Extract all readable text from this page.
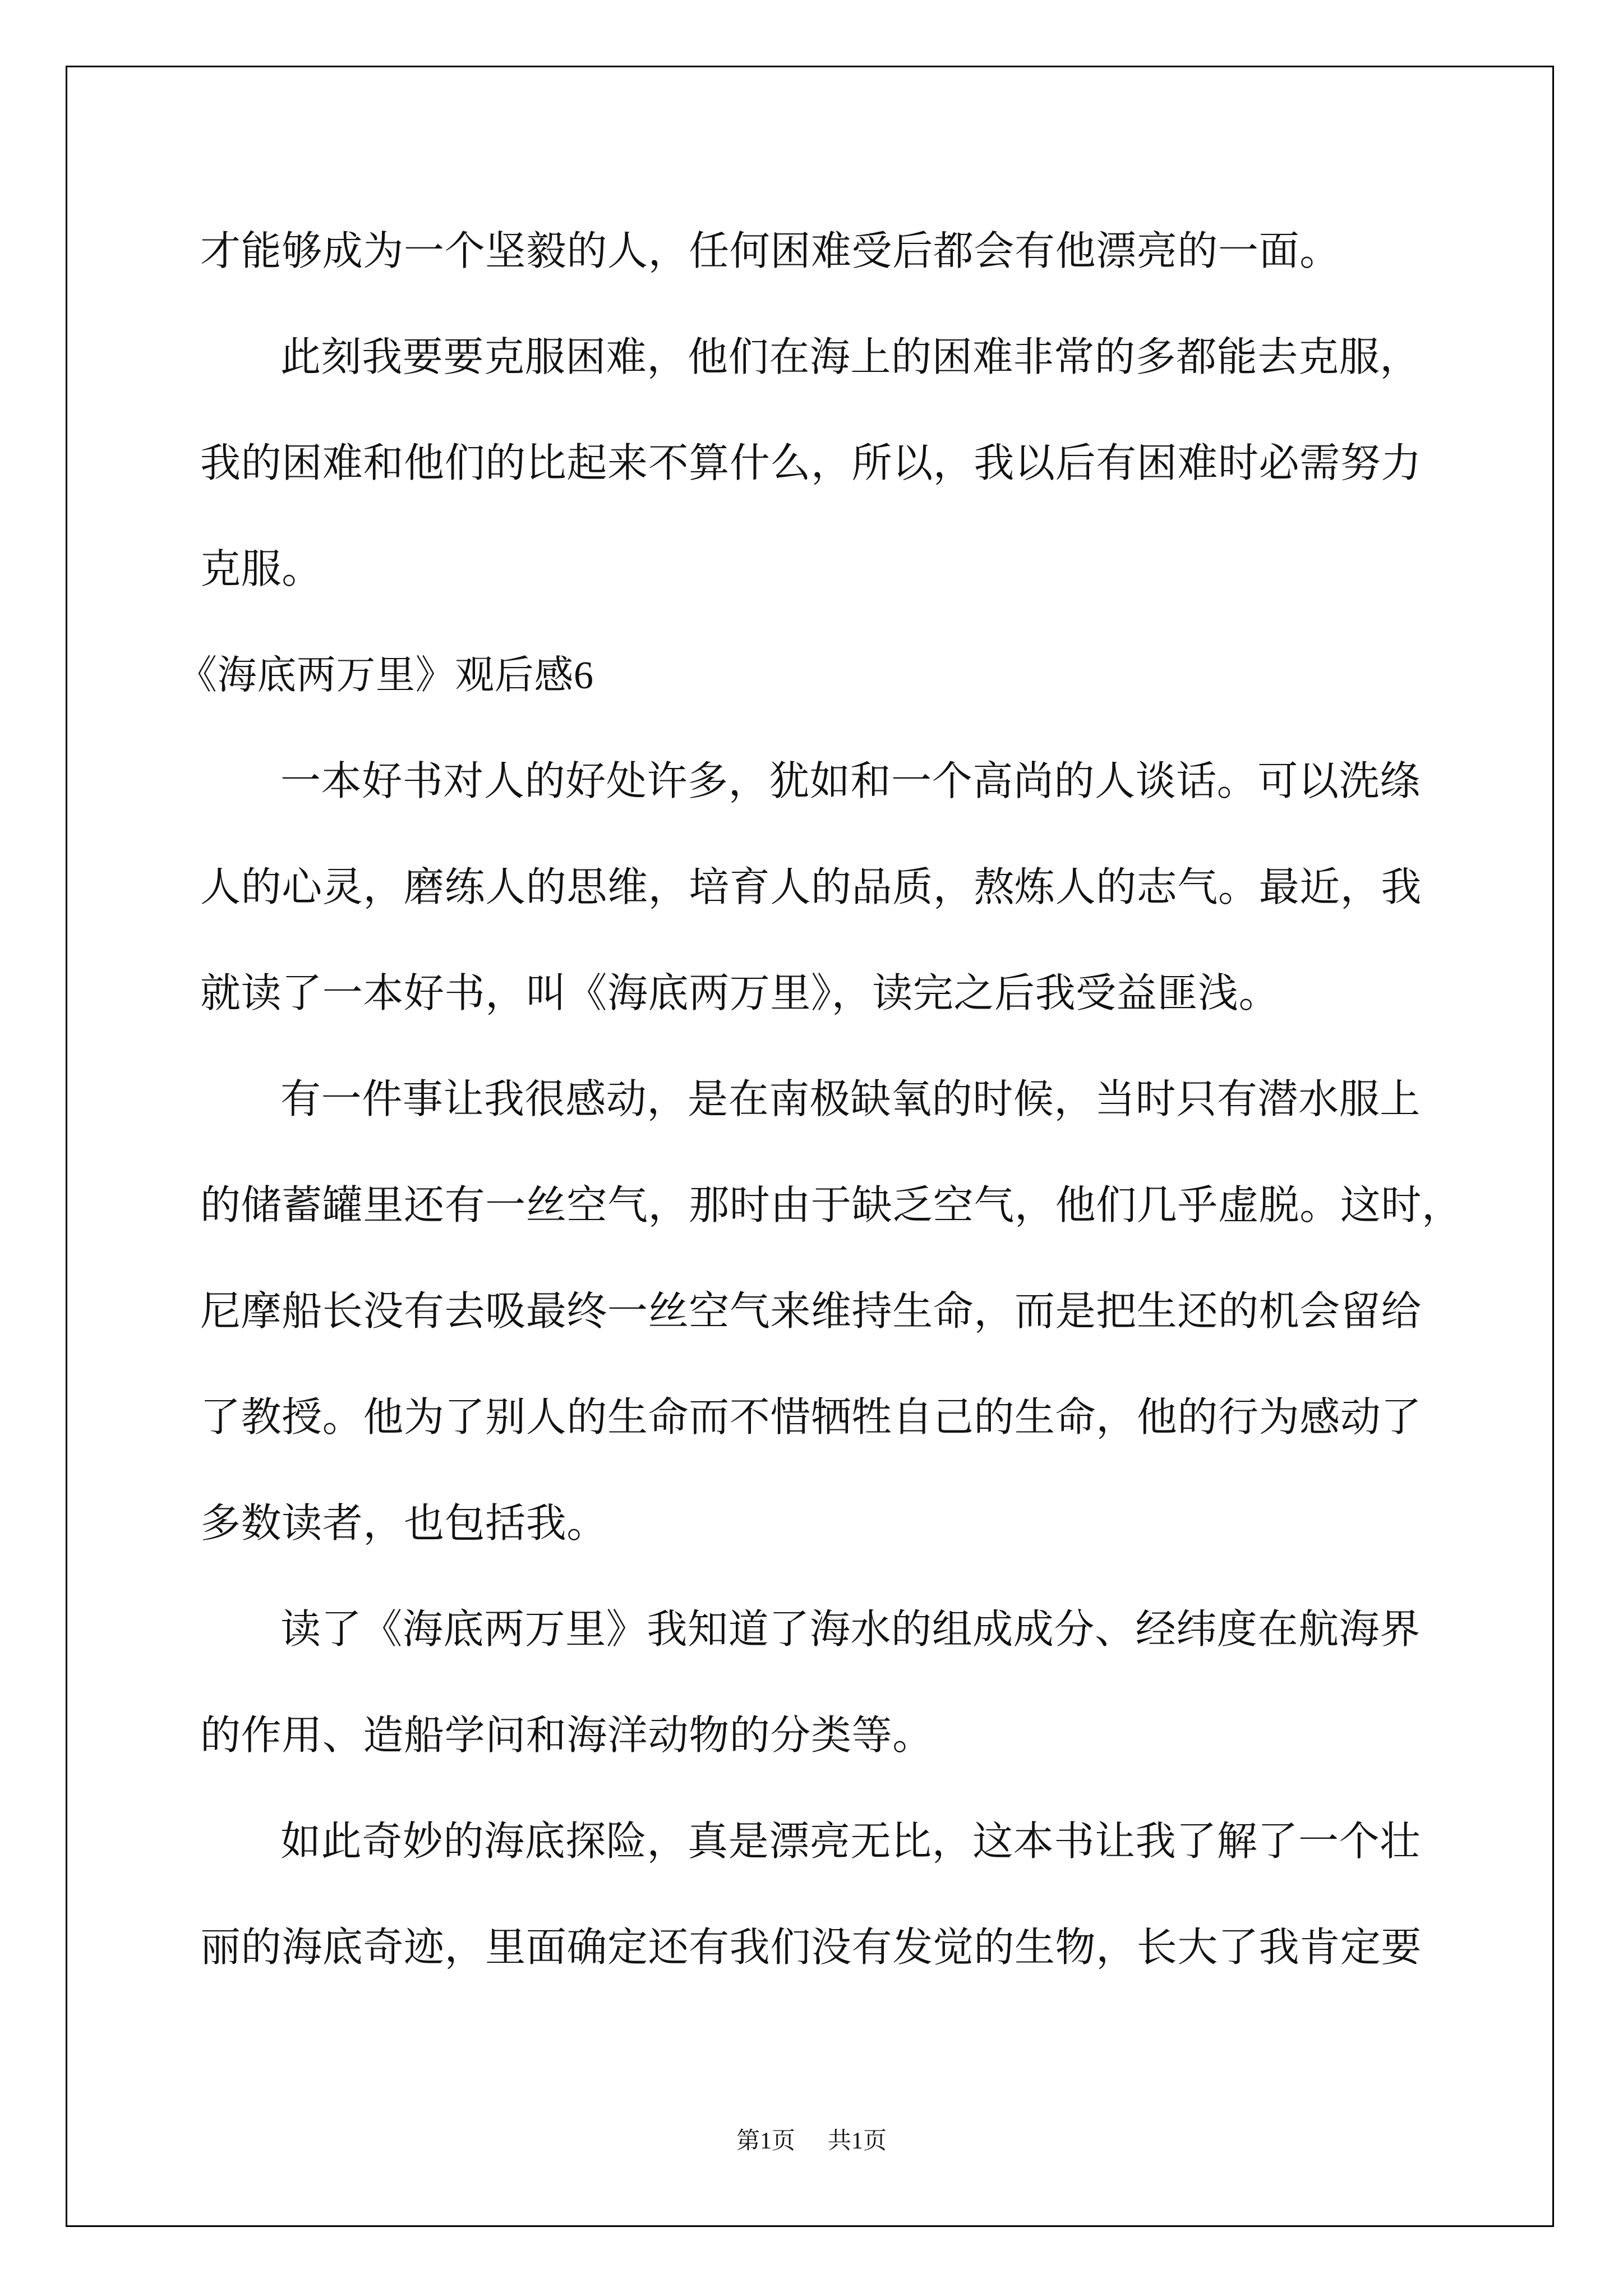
才能够成为一个坚毅的人，任何困难受后都会有他漂亮的一面。
此刻我要要克服困难，他们在海上的困难非常的多都能去克服，
我的困难和他们的比起来不算什么，所以，我以后有困难时必需努力
克服。
《海底两万里》观后感6
一本好书对人的好处许多，犹如和一个高尚的人谈话。可以洗绦
人的心灵，磨练人的思维，培育人的品质，熬炼人的志气。最近，我
就读了一本好书，叫《海底两万里》，读完之后我受益匪浅。
有一件事让我很感动，是在南极缺氧的时候，当时只有潜水服上
的储蓄罐里还有一丝空气，那时由于缺乏空气，他们几乎虚脱。这时，
尼摩船长没有去吸最终一丝空气来维持生命，而是把生还的机会留给
了教授。他为了别人的生命而不惜牺牲自己的生命，他的行为感动了
多数读者，也包括我。
读了《海底两万里》我知道了海水的组成成分、经纬度在航海界
的作用、造船学问和海洋动物的分类等。
如此奇妙的海底探险，真是漂亮无比，这本书让我了解了一个壮
丽的海底奇迹，里面确定还有我们没有发觉的生物，长大了我肯定要
第1页 共1页
